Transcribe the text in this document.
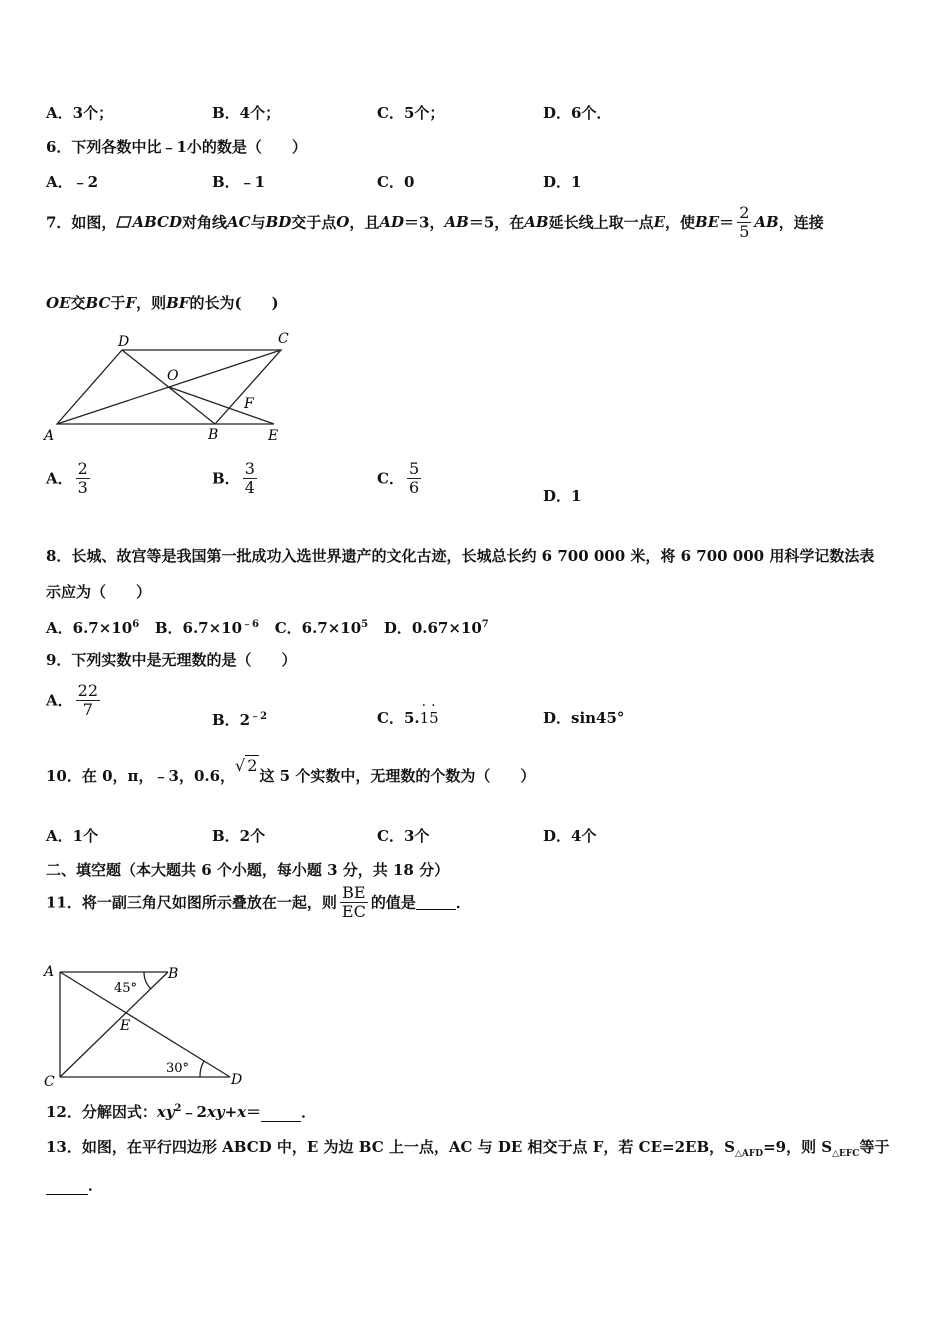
A．3个；	B．4个；	C．5个；	D．6个．
6．下列各数中比﹣1小的数是（　　）
A．﹣2	B．﹣1	C．0	D．1
7．如图， ABCD对角线AC与BD交于点O，且AD＝3，AB＝5，在AB延长线上取一点E，使$BE= \frac{2}{5}$ AB，连接
OE交BC于F，则BF的长为(　　)
A	B
C
D
E
F
O
A． $\frac{2}{3}$	B． $\frac{3}{4}$	C． $\frac{5}{6}$	D．1
8．长城、故宫等是我国第一批成功入选世界遗产的文化古迹，长城总长约 6 700 000 米，将 6 700 000 用科学记数法表
示应为（　　）
A．$6.7\times 10^6$ B．$6.7\times 10^{﹣6}$ C．$6.7\times 10^5$ D．$0.67\times 10^7$
9．下列实数中是无理数的是（　　）
A． $\frac{22}{7}$
B．$2^{﹣2}$	C．5.· 1· 5	D．sin45°
10．在 0，π，﹣3，0.6，√ 2这 5 个实数中，无理数的个数为（　　）
A．1个	B．2个	C．3个	D．4个
二、填空题（本大题共 6 个小题，每小题 3 分，共 18 分）
11．将一副三角尺如图所示叠放在一起，则 $\frac{BE}{EC}$ 的值是	．
A	B
C	D
E
45°
30°
12．分解因式：$xy^2﹣2xy+x=$	．
13．如图，在平行四边形 ABCD 中，E 为边 BC 上一点，AC 与 DE 相交于点 F，若 CE=2EB，$S_{\triangle AFD}=9$，则 $S_{\triangle EFC}$等于
．
